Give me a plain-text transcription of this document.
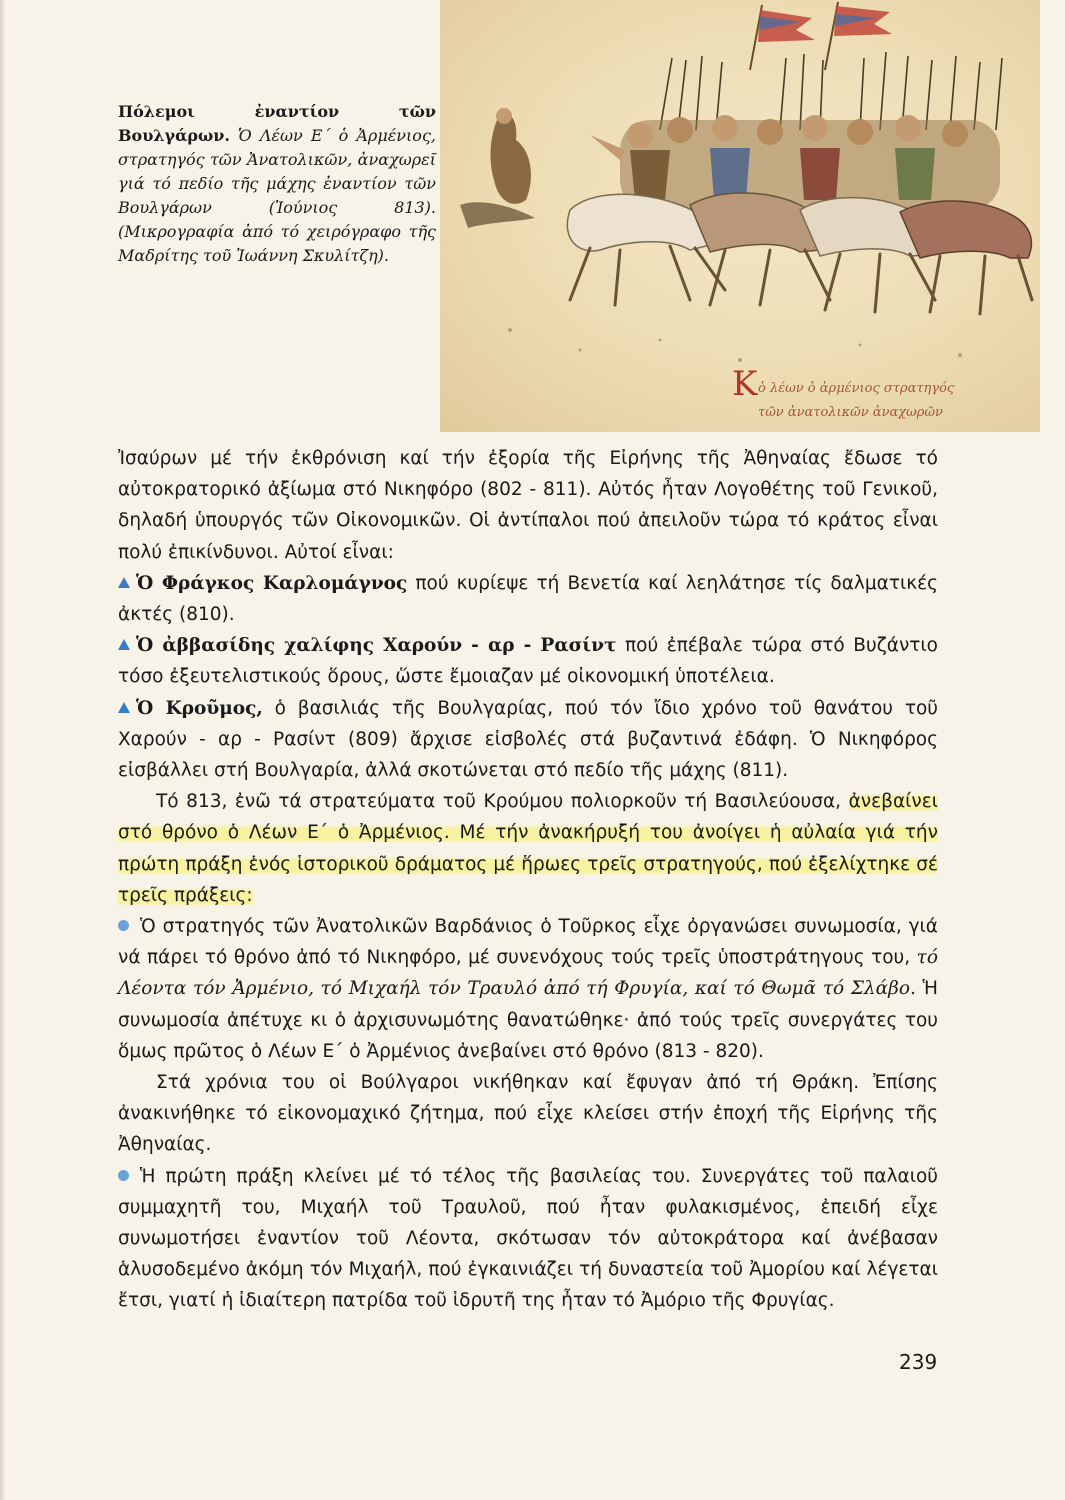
Πόλεμοι ἐναντίον τῶν Βουλγάρων. Ὁ Λέων Ε΄ ὁ Ἀρμένιος, στρατηγός τῶν Ἀνατολικῶν, ἀναχωρεῖ γιά τό πεδίο τῆς μάχης ἐναντίον τῶν Βουλγάρων (Ἰούνιος 813). (Μικρογραφία ἀπό τό χειρόγραφο τῆς Μαδρίτης τοῦ Ἰωάννη Σκυλίτζη).
Κ ὁ λέων ὁ ἀρμένιος στρατηγός
τῶν ἀνατολικῶν ἀναχωρῶν

Ἰσαύρων μέ τήν ἐκθρόνιση καί τήν ἐξορία τῆς Εἰρήνης τῆς Ἀθηναίας ἔδωσε τό αὐτοκρατορικό ἀξίωμα στό Νικηφόρο (802 - 811). Αὐτός ἦταν Λογοθέτης τοῦ Γενικοῦ, δηλαδή ὑπουργός τῶν Οἰκονομικῶν. Οἱ ἀντίπαλοι πού ἀπειλοῦν τώρα τό κράτος εἶναι πολύ ἐπικίνδυνοι. Αὐτοί εἶναι:

Ὁ Φράγκος Καρλομάγνος πού κυρίεψε τή Βενετία καί λεηλάτησε τίς δαλματικές ἀκτές (810).

Ὁ ἀββασίδης χαλίφης Χαρούν - αρ - Ρασίντ πού ἐπέβαλε τώρα στό Βυζάντιο τόσο ἐξευτελιστικούς ὅρους, ὥστε ἔμοιαζαν μέ οἰκονομική ὑποτέλεια.

Ὁ Κροῦμος, ὁ βασιλιάς τῆς Βουλγαρίας, πού τόν ἴδιο χρόνο τοῦ θανάτου τοῦ Χαρούν - αρ - Ρασίντ (809) ἄρχισε εἰσβολές στά βυζαντινά ἐδάφη. Ὁ Νικηφόρος εἰσβάλλει στή Βουλγαρία, ἀλλά σκοτώνεται στό πεδίο τῆς μάχης (811).

Τό 813, ἐνῶ τά στρατεύματα τοῦ Κρούμου πολιορκοῦν τή Βασιλεύουσα, ἀνεβαίνει στό θρόνο ὁ Λέων Ε΄ ὁ Ἀρμένιος. Μέ τήν ἀνακήρυξή του ἀνοίγει ἡ αὐλαία γιά τήν πρώτη πράξη ἑνός ἱστορικοῦ δράματος μέ ἥρωες τρεῖς στρατηγούς, πού ἐξελίχτηκε σέ τρεῖς πράξεις:

Ὁ στρατηγός τῶν Ἀνατολικῶν Βαρδάνιος ὁ Τοῦρκος εἶχε ὀργανώσει συνωμοσία, γιά νά πάρει τό θρόνο ἀπό τό Νικηφόρο, μέ συνενόχους τούς τρεῖς ὑποστράτηγους του, τό Λέοντα τόν Ἀρμένιο, τό Μιχαήλ τόν Τραυλό ἀπό τή Φρυγία, καί τό Θωμᾶ τό Σλάβο. Ἡ συνωμοσία ἀπέτυχε κι ὁ ἀρχισυνωμότης θανατώθηκε· ἀπό τούς τρεῖς συνεργάτες του ὅμως πρῶτος ὁ Λέων Ε΄ ὁ Ἀρμένιος ἀνεβαίνει στό θρόνο (813 - 820).

Στά χρόνια του οἱ Βούλγαροι νικήθηκαν καί ἔφυγαν ἀπό τή Θράκη. Ἐπίσης ἀνακινήθηκε τό εἰκονομαχικό ζήτημα, πού εἶχε κλείσει στήν ἐποχή τῆς Εἰρήνης τῆς Ἀθηναίας.

Ἡ πρώτη πράξη κλείνει μέ τό τέλος τῆς βασιλείας του. Συνεργάτες τοῦ παλαιοῦ συμμαχητῆ του, Μιχαήλ τοῦ Τραυλοῦ, πού ἦταν φυλακισμένος, ἐπειδή εἶχε συνωμοτήσει ἐναντίον τοῦ Λέοντα, σκότωσαν τόν αὐτοκράτορα καί ἀνέβασαν ἁλυσοδεμένο ἀκόμη τόν Μιχαήλ, πού ἐγκαινιάζει τή δυναστεία τοῦ Ἀμορίου καί λέγεται ἔτσι, γιατί ἡ ἰδιαίτερη πατρίδα τοῦ ἱδρυτῆ της ἦταν τό Ἀμόριο τῆς Φρυγίας.

239
